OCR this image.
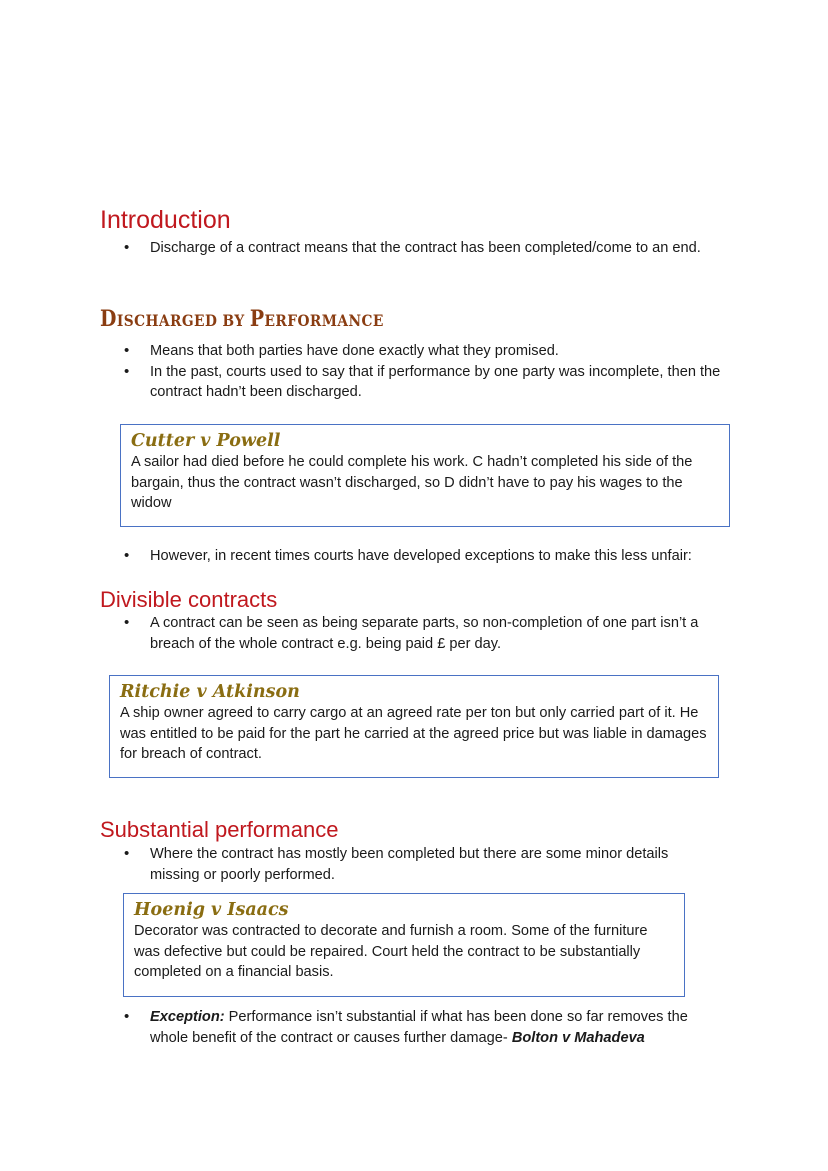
Introduction
• Discharge of a contract means that the contract has been completed/come to an end.
DISCHARGED BY PERFORMANCE
• Means that both parties have done exactly what they promised.
• In the past, courts used to say that if performance by one party was incomplete, then the contract hadn’t been discharged.
Cutter v Powell
A sailor had died before he could complete his work. C hadn’t completed his side of the bargain, thus the contract wasn’t discharged, so D didn’t have to pay his wages to the widow
• However, in recent times courts have developed exceptions to make this less unfair:
Divisible contracts
• A contract can be seen as being separate parts, so non-completion of one part isn’t a breach of the whole contract e.g. being paid £ per day.
Ritchie v Atkinson
A ship owner agreed to carry cargo at an agreed rate per ton but only carried part of it. He was entitled to be paid for the part he carried at the agreed price but was liable in damages for breach of contract.
Substantial performance
• Where the contract has mostly been completed but there are some minor details missing or poorly performed.
Hoenig v Isaacs
Decorator was contracted to decorate and furnish a room. Some of the furniture was defective but could be repaired. Court held the contract to be substantially completed on a financial basis.
• Exception: Performance isn’t substantial if what has been done so far removes the whole benefit of the contract or causes further damage- Bolton v Mahadeva
